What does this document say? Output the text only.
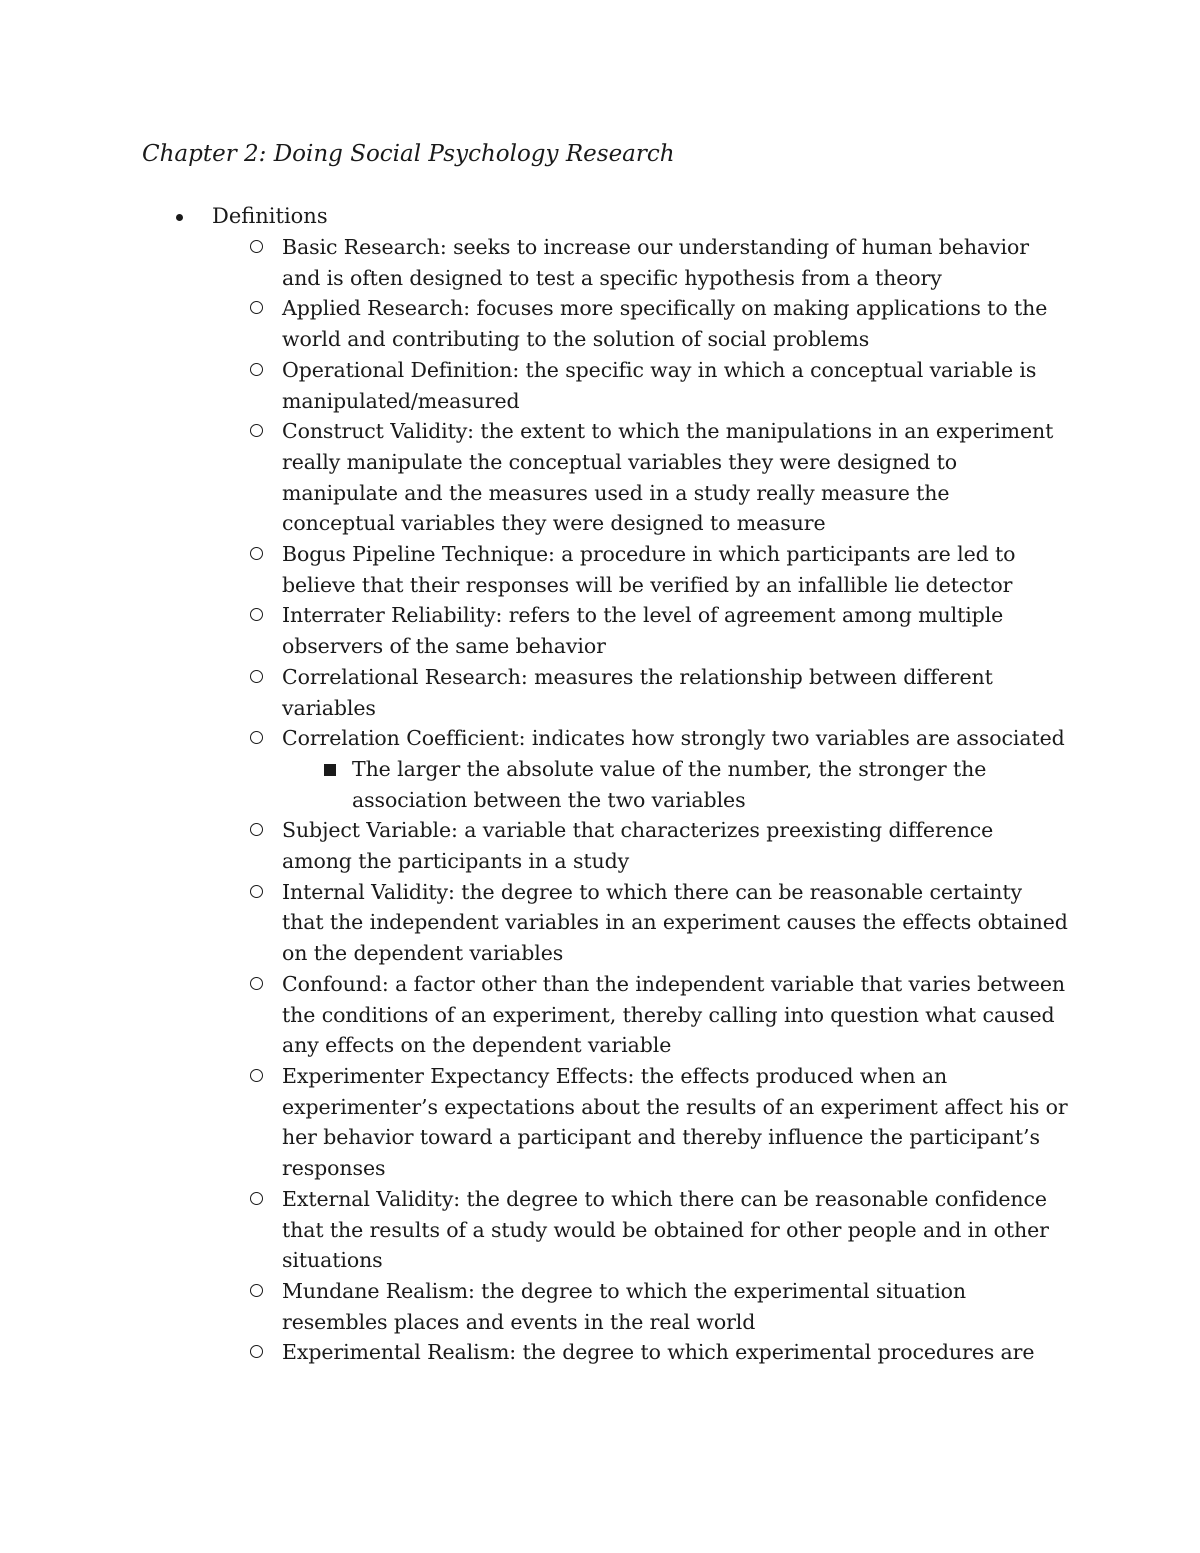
Chapter 2: Doing Social Psychology Research
Definitions
Basic Research: seeks to increase our understanding of human behavior and is often designed to test a specific hypothesis from a theory
Applied Research: focuses more specifically on making applications to the world and contributing to the solution of social problems
Operational Definition: the specific way in which a conceptual variable is manipulated/measured
Construct Validity: the extent to which the manipulations in an experiment really manipulate the conceptual variables they were designed to manipulate and the measures used in a study really measure the conceptual variables they were designed to measure
Bogus Pipeline Technique: a procedure in which participants are led to believe that their responses will be verified by an infallible lie detector
Interrater Reliability: refers to the level of agreement among multiple observers of the same behavior
Correlational Research: measures the relationship between different variables
Correlation Coefficient: indicates how strongly two variables are associated
The larger the absolute value of the number, the stronger the association between the two variables
Subject Variable: a variable that characterizes preexisting difference among the participants in a study
Internal Validity: the degree to which there can be reasonable certainty that the independent variables in an experiment causes the effects obtained on the dependent variables
Confound: a factor other than the independent variable that varies between the conditions of an experiment, thereby calling into question what caused any effects on the dependent variable
Experimenter Expectancy Effects: the effects produced when an experimenter’s expectations about the results of an experiment affect his or her behavior toward a participant and thereby influence the participant’s responses
External Validity: the degree to which there can be reasonable confidence that the results of a study would be obtained for other people and in other situations
Mundane Realism: the degree to which the experimental situation resembles places and events in the real world
Experimental Realism: the degree to which experimental procedures are
